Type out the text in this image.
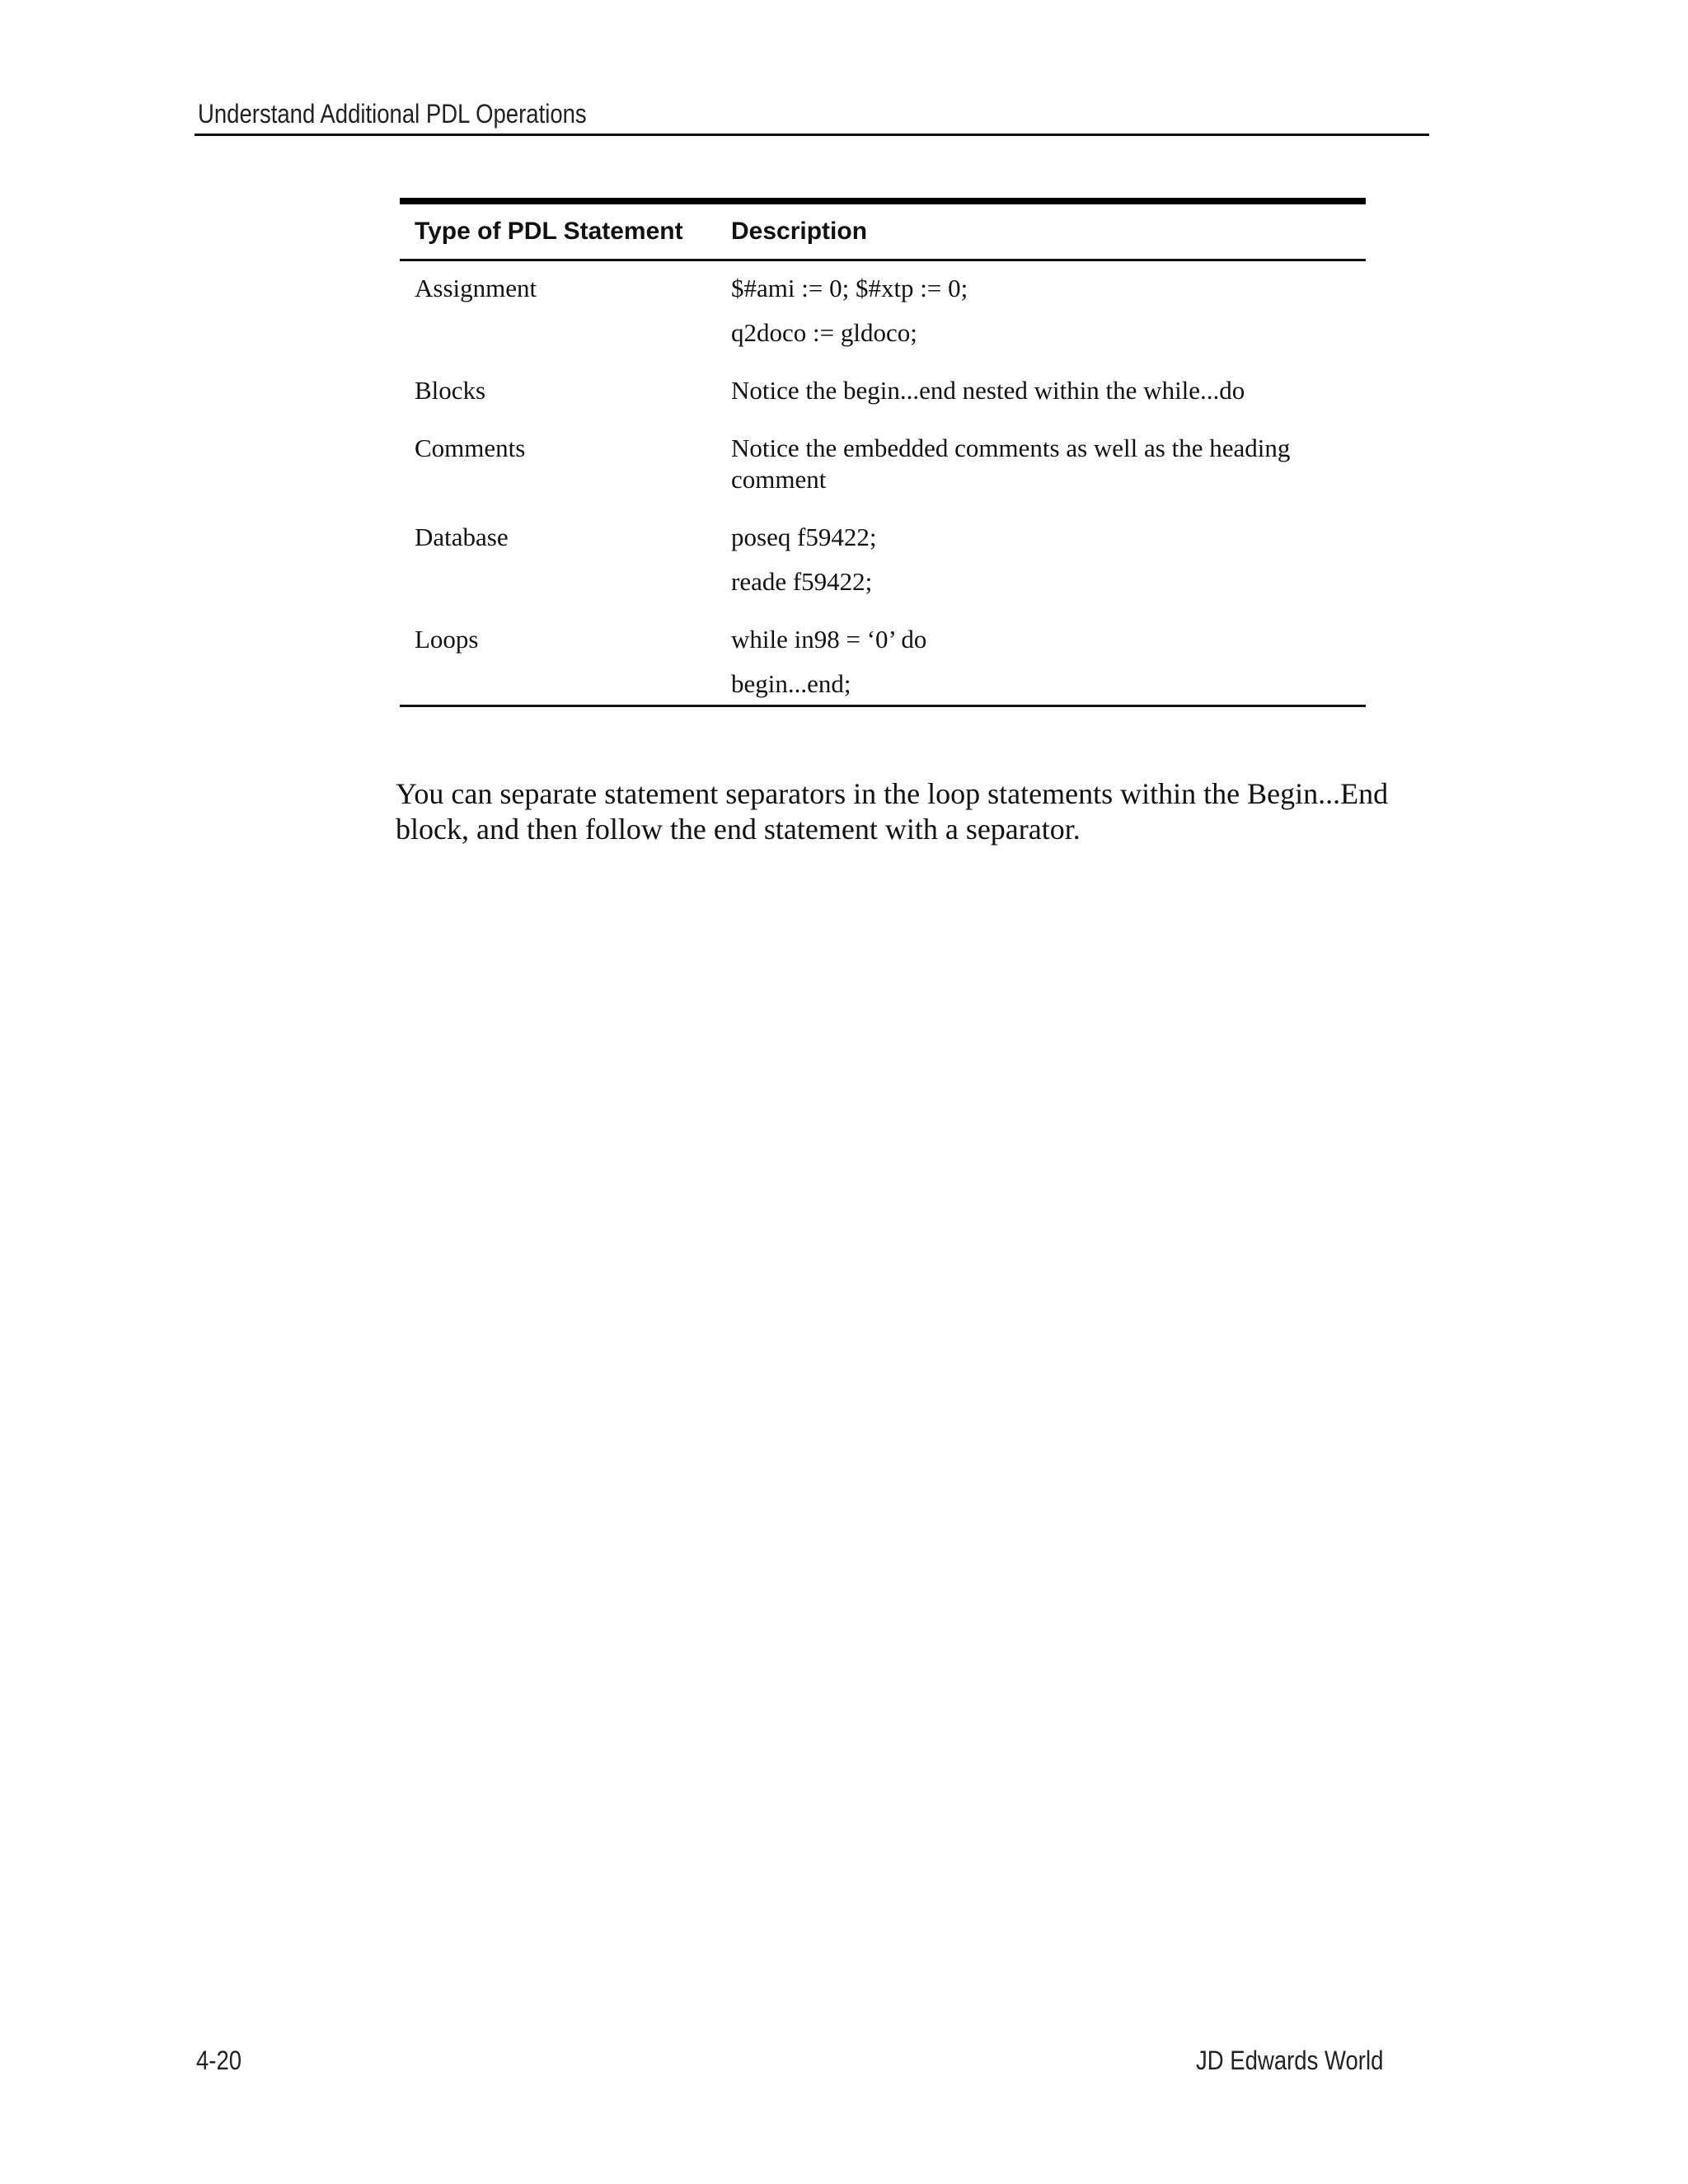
Understand Additional PDL Operations
Type of PDL Statement	Description
Assignment	$#ami := 0; $#xtp := 0;
q2doco := gldoco;
Blocks	Notice the begin...end nested within the while...do
Comments	Notice the embedded comments as well as the heading comment
Database	poseq f59422;
reade f59422;
Loops	while in98 = ‘0’ do
begin...end;

You can separate statement separators in the loop statements within the Begin...End block, and then follow the end statement with a separator.

4-20	JD Edwards World
